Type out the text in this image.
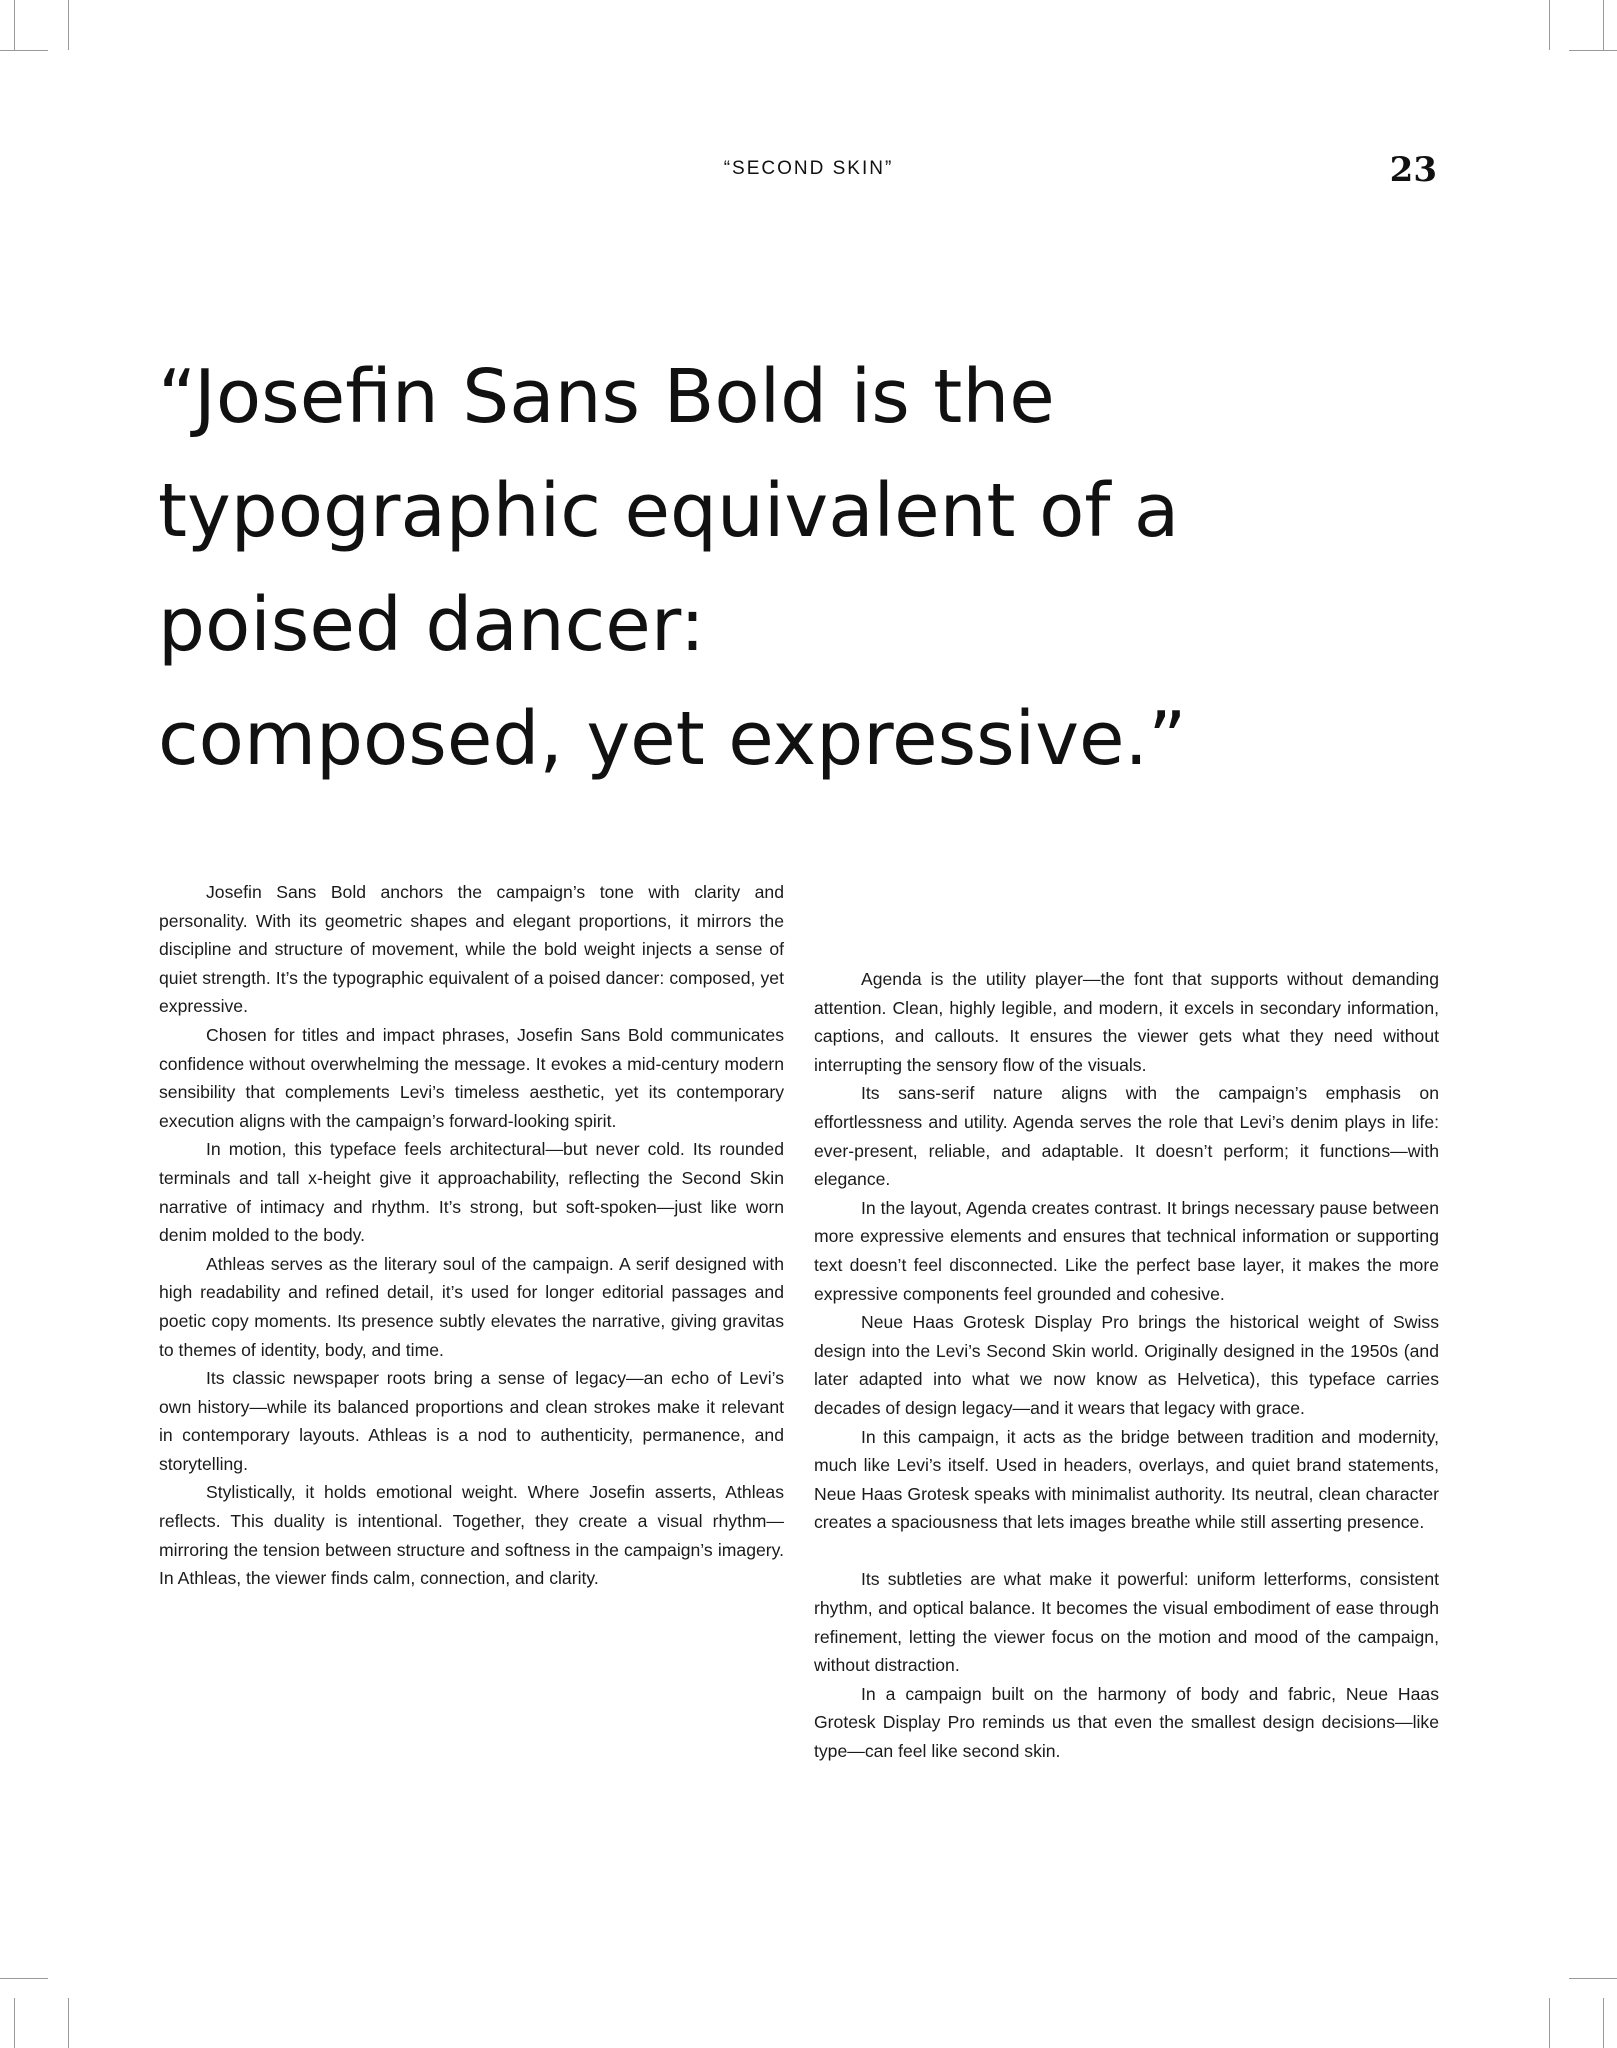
“SECOND SKIN”	23
“Josefin Sans Bold is the
typographic equivalent of a
poised dancer:
composed, yet expressive.”

Josefin Sans Bold anchors the campaign’s tone with clarity and personality. With its geometric shapes and elegant proportions, it mirrors the discipline and structure of movement, while the bold weight injects a sense of quiet strength. It’s the typographic equivalent of a poised dancer: composed, yet expressive.

Chosen for titles and impact phrases, Josefin Sans Bold communicates confidence without overwhelming the message. It evokes a mid-century modern sensibility that complements Levi’s timeless aesthetic, yet its contemporary execution aligns with the campaign’s forward-looking spirit.

In motion, this typeface feels architectural—but never cold. Its rounded terminals and tall x-height give it approachability, reflecting the Second Skin narrative of intimacy and rhythm. It’s strong, but soft-spoken—just like worn denim molded to the body.

Athleas serves as the literary soul of the campaign. A serif designed with high readability and refined detail, it’s used for longer editorial passages and poetic copy moments. Its presence subtly elevates the narrative, giving gravitas to themes of identity, body, and time.

Its classic newspaper roots bring a sense of legacy—an echo of Levi’s own history—while its balanced proportions and clean strokes make it relevant in contemporary layouts. Athleas is a nod to authenticity, permanence, and storytelling.

Stylistically, it holds emotional weight. Where Josefin asserts, Athleas reflects. This duality is intentional. Together, they create a visual rhythm—mirroring the tension between structure and softness in the campaign’s imagery. In Athleas, the viewer finds calm, connection, and clarity.

Agenda is the utility player—the font that supports without demanding attention. Clean, highly legible, and modern, it excels in secondary information, captions, and callouts. It ensures the viewer gets what they need without interrupting the sensory flow of the visuals.

Its sans-serif nature aligns with the campaign’s emphasis on effortlessness and utility. Agenda serves the role that Levi’s denim plays in life: ever-present, reliable, and adaptable. It doesn’t perform; it functions—with elegance.

In the layout, Agenda creates contrast. It brings necessary pause between more expressive elements and ensures that technical information or supporting text doesn’t feel disconnected. Like the perfect base layer, it makes the more expressive components feel grounded and cohesive.

Neue Haas Grotesk Display Pro brings the historical weight of Swiss design into the Levi’s Second Skin world. Originally designed in the 1950s (and later adapted into what we now know as Helvetica), this typeface carries decades of design legacy—and it wears that legacy with grace.

In this campaign, it acts as the bridge between tradition and modernity, much like Levi’s itself. Used in headers, overlays, and quiet brand statements, Neue Haas Grotesk speaks with minimalist authority. Its neutral, clean character creates a spaciousness that lets images breathe while still asserting presence.

Its subtleties are what make it powerful: uniform letterforms, consistent rhythm, and optical balance. It becomes the visual embodiment of ease through refinement, letting the viewer focus on the motion and mood of the campaign, without distraction.

In a campaign built on the harmony of body and fabric, Neue Haas Grotesk Display Pro reminds us that even the smallest design decisions—like type—can feel like second skin.
